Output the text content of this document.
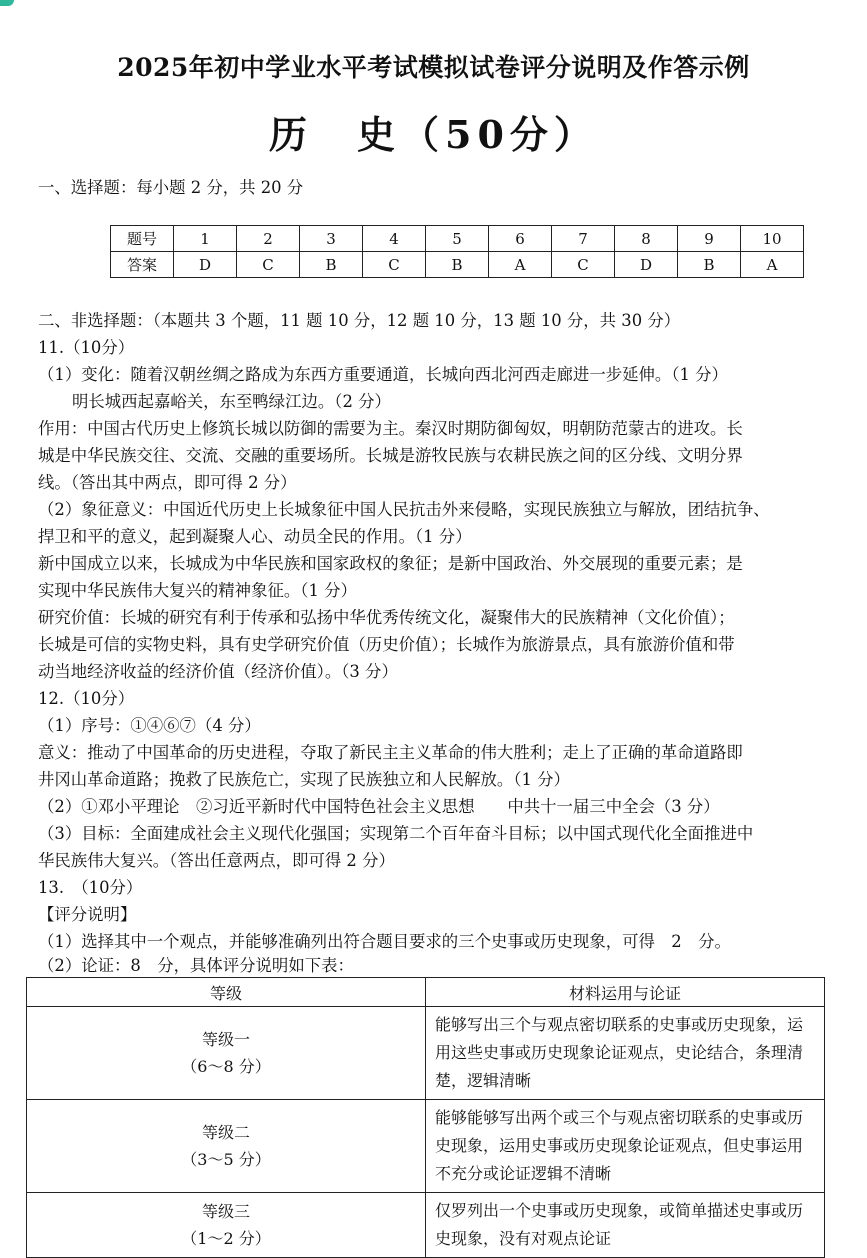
2025年初中学业水平考试模拟试卷评分说明及作答示例
历　史（50分）
一、选择题：每小题 2 分，共 20 分
题号	1	2	3	4	5	6	7	8	9	10
答案	D	C	B	C	B	A	C	D	B	A
二、非选择题：（本题共 3 个题，11 题 10 分，12 题 10 分，13 题 10 分，共 30 分）
11.（10分）
（1）变化：随着汉朝丝绸之路成为东西方重要通道，长城向西北河西走廊进一步延伸。（1 分）
明长城西起嘉峪关，东至鸭绿江边。（2 分）
作用：中国古代历史上修筑长城以防御的需要为主。秦汉时期防御匈奴，明朝防范蒙古的进攻。长
城是中华民族交往、交流、交融的重要场所。长城是游牧民族与农耕民族之间的区分线、文明分界
线。（答出其中两点，即可得 2 分）
（2）象征意义：中国近代历史上长城象征中国人民抗击外来侵略，实现民族独立与解放，团结抗争、
捍卫和平的意义，起到凝聚人心、动员全民的作用。（1 分）
新中国成立以来，长城成为中华民族和国家政权的象征；是新中国政治、外交展现的重要元素；是
实现中华民族伟大复兴的精神象征。（1 分）
研究价值：长城的研究有利于传承和弘扬中华优秀传统文化，凝聚伟大的民族精神（文化价值）；
长城是可信的实物史料，具有史学研究价值（历史价值）；长城作为旅游景点，具有旅游价值和带
动当地经济收益的经济价值（经济价值）。（3 分）
12.（10分）
（1）序号：①④⑥⑦（4 分）
意义：推动了中国革命的历史进程，夺取了新民主主义革命的伟大胜利；走上了正确的革命道路即
井冈山革命道路；挽救了民族危亡，实现了民族独立和人民解放。（1 分）
（2）①邓小平理论　②习近平新时代中国特色社会主义思想　　中共十一届三中全会（3 分）
（3）目标：全面建成社会主义现代化强国；实现第二个百年奋斗目标；以中国式现代化全面推进中
华民族伟大复兴。（答出任意两点，即可得 2 分）
13.　（10分）
【评分说明】
（1）选择其中一个观点，并能够准确列出符合题目要求的三个史事或历史现象，可得　2　分。
（2）论证：8　分，具体评分说明如下表：
等级	材料运用与论证

等级一
（6～8 分）	能够写出三个与观点密切联系的史事或历史现象，运用这些史事或历史现象论证观点，史论结合，条理清楚，逻辑清晰

等级二
（3～5 分）	能够能够写出两个或三个与观点密切联系的史事或历史现象，运用史事或历史现象论证观点，但史事运用不充分或论证逻辑不清晰

等级三
（1～2 分）	仅罗列出一个史事或历史现象，或简单描述史事或历史现象，没有对观点论证
